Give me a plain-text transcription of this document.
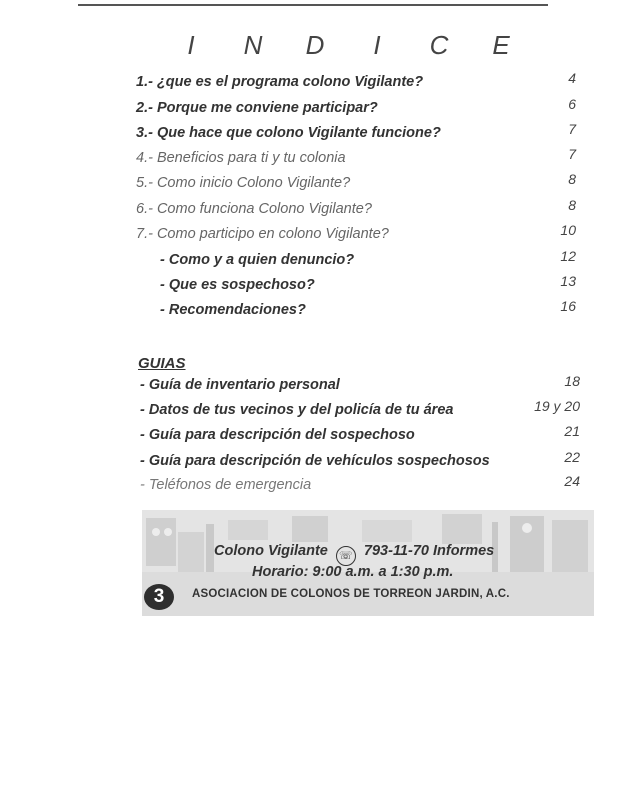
I	N	D	I	C	E
1.- ¿que es el programa colono Vigilante?	4
2.- Porque me conviene participar?	6
3.- Que hace que colono Vigilante funcione?	7
4.- Beneficios para ti y tu colonia	7
5.- Como inicio Colono Vigilante?	8
6.- Como funciona Colono Vigilante?	8
7.- Como participo en colono Vigilante?	10
- Como y a quien denuncio?	12
- Que es sospechoso?	13
- Recomendaciones?	16
GUIAS
- Guía de inventario personal	18
- Datos de tus vecinos y del policía de tu área	19 y 20
- Guía para descripción del sospechoso	21
- Guía para descripción de vehículos sospechosos	22
- Teléfonos de emergencia	24
Colono Vigilante ☏ 793-11-70 Informes
Horario: 9:00 a.m. a 1:30 p.m.
3	ASOCIACION DE COLONOS DE TORREON JARDIN, A.C.
